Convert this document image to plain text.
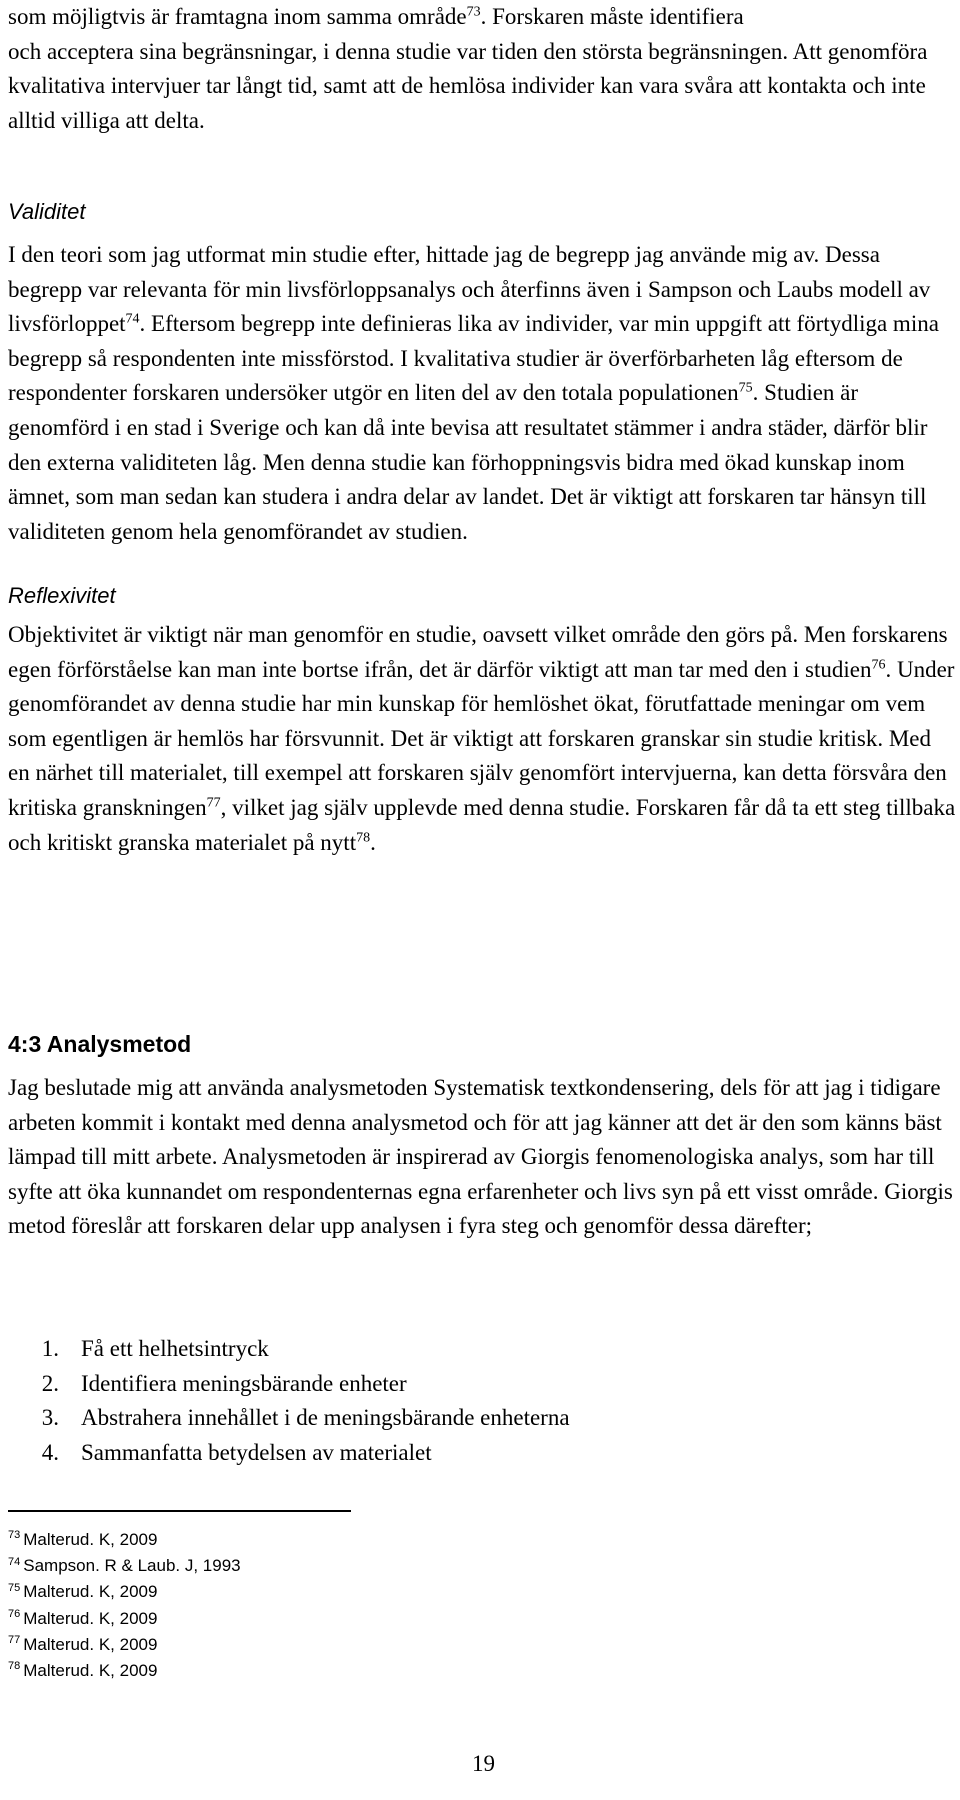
som möjligtvis är framtagna inom samma område$^{73}$. Forskaren måste identifiera
och acceptera sina begränsningar, i denna studie var tiden den största begränsningen. Att genomföra kvalitativa intervjuer tar långt tid, samt att de hemlösa individer kan vara svåra att kontakta och inte alltid villiga att delta.

Validitet

I den teori som jag utformat min studie efter, hittade jag de begrepp jag använde mig av. Dessa begrepp var relevanta för min livsförloppsanalys och återfinns även i Sampson och Laubs modell av livsförloppet$^{74}$. Eftersom begrepp inte definieras lika av individer, var min uppgift att förtydliga mina begrepp så respondenten inte missförstod. I kvalitativa studier är överförbarheten låg eftersom de respondenter forskaren undersöker utgör en liten del av den totala populationen$^{75}$. Studien är genomförd i en stad i Sverige och kan då inte bevisa att resultatet stämmer i andra städer, därför blir den externa validiteten låg. Men denna studie kan förhoppningsvis bidra med ökad kunskap inom ämnet, som man sedan kan studera i andra delar av landet. Det är viktigt att forskaren tar hänsyn till validiteten genom hela genomförandet av studien.

Reflexivitet

Objektivitet är viktigt när man genomför en studie, oavsett vilket område den görs på. Men forskarens egen förförståelse kan man inte bortse ifrån, det är därför viktigt att man tar med den i studien$^{76}$. Under genomförandet av denna studie har min kunskap för hemlöshet ökat, förutfattade meningar om vem som egentligen är hemlös har försvunnit. Det är viktigt att forskaren granskar sin studie kritisk. Med en närhet till materialet, till exempel att forskaren själv genomfört intervjuerna, kan detta försvåra den kritiska granskningen$^{77}$, vilket jag själv upplevde med denna studie. Forskaren får då ta ett steg tillbaka och kritiskt granska materialet på nytt$^{78}$.

4:3 Analysmetod

Jag beslutade mig att använda analysmetoden Systematisk textkondensering, dels för att jag i tidigare arbeten kommit i kontakt med denna analysmetod och för att jag känner att det är den som känns bäst lämpad till mitt arbete. Analysmetoden är inspirerad av Giorgis fenomenologiska analys, som har till syfte att öka kunnandet om respondenternas egna erfarenheter och livs syn på ett visst område. Giorgis metod föreslår att forskaren delar upp analysen i fyra steg och genomför dessa därefter;

1. Få ett helhetsintryck
2. Identifiera meningsbärande enheter
3. Abstrahera innehållet i de meningsbärande enheterna
4. Sammanfatta betydelsen av materialet
$^{73}$ Malterud. K, 2009
$^{74}$ Sampson. R & Laub. J, 1993
$^{75}$ Malterud. K, 2009
$^{76}$ Malterud. K, 2009
$^{77}$ Malterud. K, 2009
$^{78}$ Malterud. K, 2009
19
